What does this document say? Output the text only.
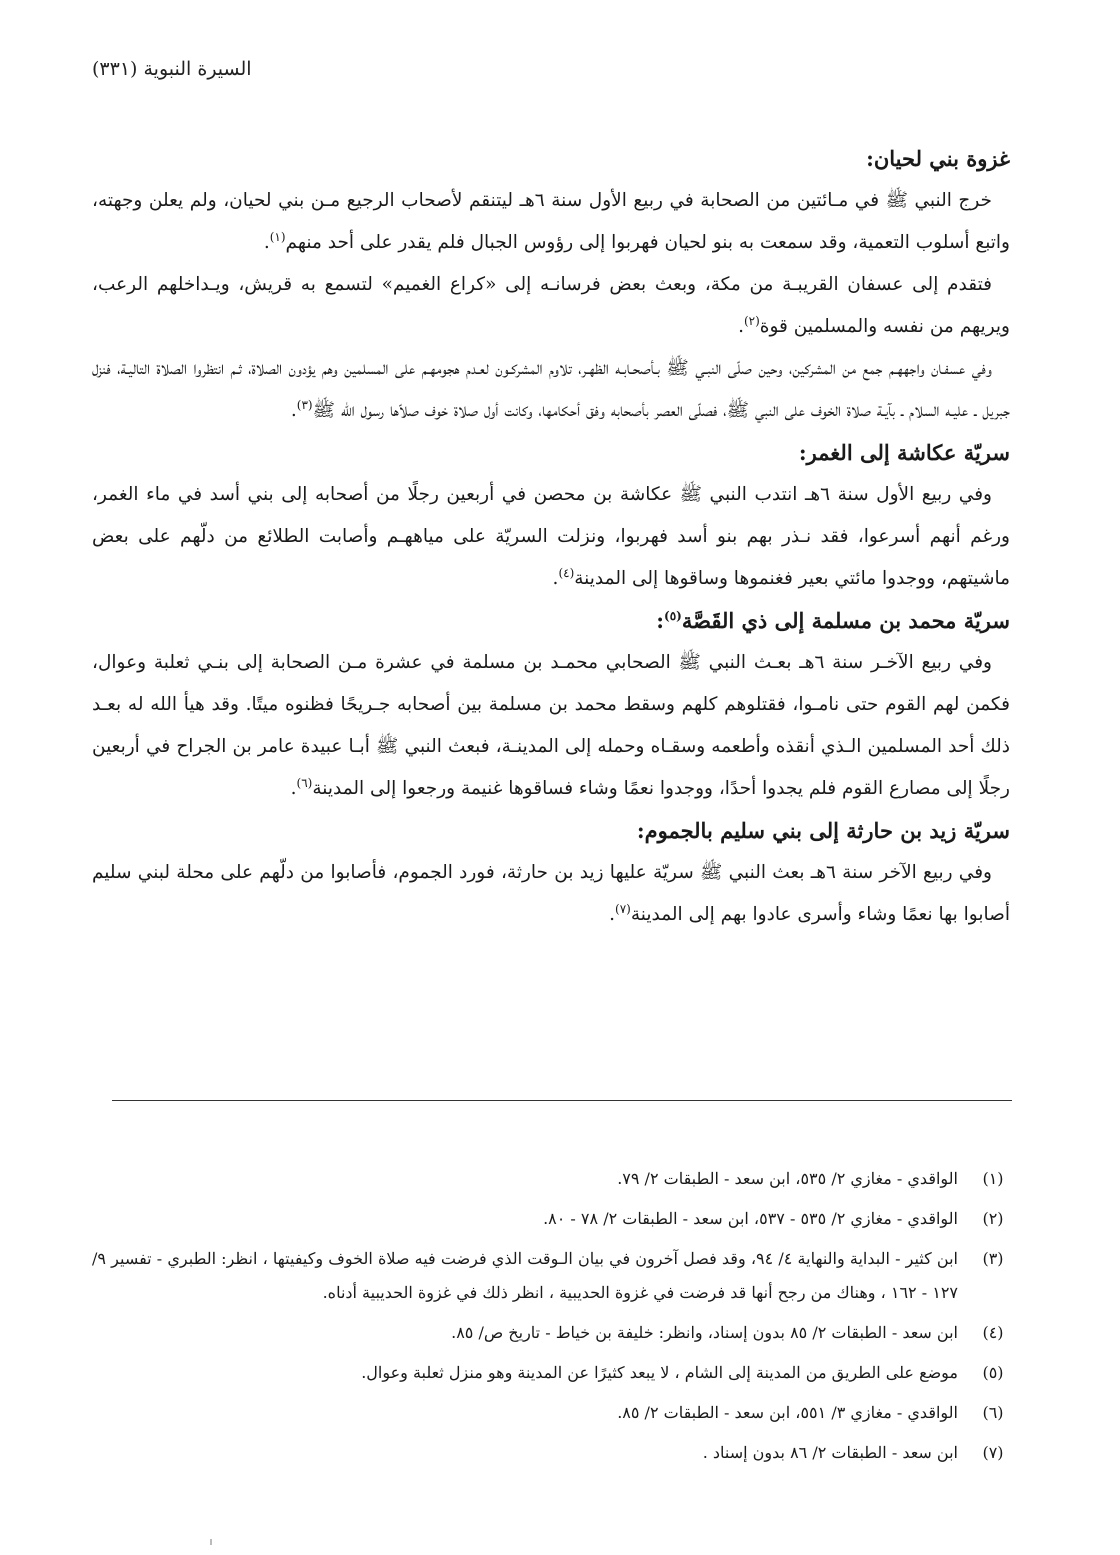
السيرة النبوية (٣٣١)
غزوة بني لحيان:

خرج النبي ﷺ في مـائتين من الصحابة في ربيع الأول سنة ٦هـ ليتنقم لأصحاب الرجيع مـن بني لحيان، ولم يعلن وجهته، واتبع أسلوب التعمية، وقد سمعت به بنو لحيان فهربوا إلى رؤوس الجبال فلم يقدر على أحد منهم$^{(١)}$.

فتقدم إلى عسفان القريبـة من مكة، وبعث بعض فرسانـه إلى «كراع الغميم» لتسمع به قريش، ويـداخلهم الرعب، ويريهم من نفسه والمسلمين قوة$^{(٢)}$.

وفي عسفـان واجههـم جمع من المشركين، وحين صلّى النبـي ﷺ بـأصحـابـه الظهـر، تلاوم المشركـون لعـدم هجومهـم على المسلمين وهم يؤدون الصلاة، ثـم انتظروا الصلاة التاليـة، فنزل جبريل ـ عليـه السلام ـ بآيـة صلاة الخوف على النبي ﷺ، فصلّى العصر بأصحابه وفق أحكامها، وكانت أول صلاة خوف صلاّها رسول الله ﷺ$^{(٣)}$.

سريّة عكاشة إلى الغمر:

وفي ربيع الأول سنة ٦هـ انتدب النبي ﷺ عكاشة بن محصن في أربعين رجلًا من أصحابه إلى بني أسد في ماء الغمر، ورغم أنهم أسرعوا، فقد نـذر بهم بنو أسد فهربوا، ونزلت السريّة على مياههـم وأصابت الطلائع من دلّهم على بعض ماشيتهم، ووجدوا مائتي بعير فغنموها وساقوها إلى المدينة$^{(٤)}$.

سريّة محمد بن مسلمة إلى ذي القَصَّة$^{(٥)}$:

وفي ربيع الآخـر سنة ٦هـ بعـث النبي ﷺ الصحابي محمـد بن مسلمة في عشرة مـن الصحابة إلى بنـي ثعلبة وعوال، فكمن لهم القوم حتى نامـوا، فقتلوهم كلهم وسقط محمد بن مسلمة بين أصحابه جـريحًا فظنوه ميتًا. وقد هيأ الله له بعـد ذلك أحد المسلمين الـذي أنقذه وأطعمه وسقـاه وحمله إلى المدينـة، فبعث النبي ﷺ أبـا عبيدة عامر بن الجراح في أربعين رجلًا إلى مصارع القوم فلم يجدوا أحدًا، ووجدوا نعمًا وشاء فساقوها غنيمة ورجعوا إلى المدينة$^{(٦)}$.

سريّة زيد بن حارثة إلى بني سليم بالجموم:

وفي ربيع الآخر سنة ٦هـ بعث النبي ﷺ سريّة عليها زيد بن حارثة، فورد الجموم، فأصابوا من دلّهم على محلة لبني سليم أصابوا بها نعمًا وشاء وأسرى عادوا بهم إلى المدينة$^{(٧)}$.

(١)
الواقدي - مغازي ٢/ ٥٣٥، ابن سعد - الطبقات ٢/ ٧٩.
(٢)
الواقدي - مغازي ٢/ ٥٣٥ - ٥٣٧، ابن سعد - الطبقات ٢/ ٧٨ - ٨٠.
(٣)
ابن كثير - البداية والنهاية ٤/ ٩٤، وقد فصل آخرون في بيان الـوقت الذي فرضت فيه صلاة الخوف وكيفيتها ، انظر: الطبري - تفسير ٩/ ١٢٧ - ١٦٢ ، وهناك من رجح أنها قد فرضت في غزوة الحديبية ، انظر ذلك في غزوة الحديبية أدناه.
(٤)
ابن سعد - الطبقات ٢/ ٨٥ بدون إسناد، وانظر: خليفة بن خياط - تاريخ ص/ ٨٥.
(٥)
موضع على الطريق من المدينة إلى الشام ، لا يبعد كثيرًا عن المدينة وهو منزل ثعلبة وعوال.
(٦)
الواقدي - مغازي ٣/ ٥٥١، ابن سعد - الطبقات ٢/ ٨٥.
(٧)
ابن سعد - الطبقات ٢/ ٨٦ بدون إسناد .
